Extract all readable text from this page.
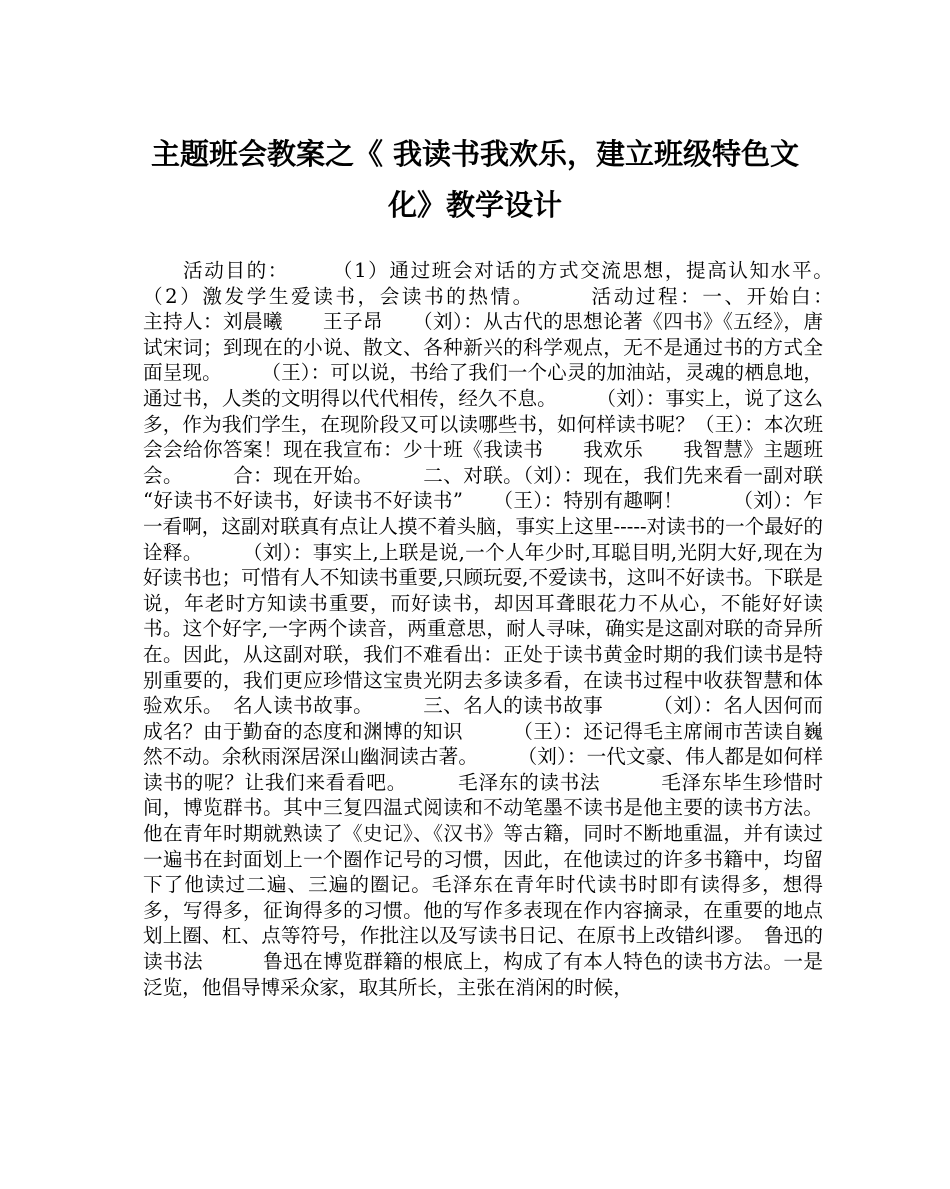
主题班会教案之《 我读书我欢乐，建立班级特色文
化》教学设计

活动目的：　　　（1）通过班会对话的方式交流思想，提高认知水平。　　　（2）激发学生爱读书，会读书的热情。　　　活动过程：一、开始白：　　　　　主持人：刘晨曦　　王子昂　　（刘）：从古代的思想论著《四书》《五经》，唐试宋词；到现在的小说、散文、各种新兴的科学观点，无不是通过书的方式全面呈现。　　　（王）：可以说，书给了我们一个心灵的加油站，灵魂的栖息地，通过书，人类的文明得以代代相传，经久不息。　　　（刘）：事实上，说了这么多，作为我们学生，在现阶段又可以读哪些书，如何样读书呢？（王）：本次班会会给你答案！现在我宣布：少十班《我读书　　我欢乐　　我智慧》主题班会。　　　合：现在开始。　　　二、对联。（刘）：现在，我们先来看一副对联　　　“好读书不好读书，好读书不好读书”　　（王）：特别有趣啊！　　　（刘）：乍一看啊，这副对联真有点让人摸不着头脑，事实上这里-----对读书的一个最好的诠释。　　　（刘）：事实上,上联是说,一个人年少时,耳聪目明,光阴大好,现在为好读书也；可惜有人不知读书重要,只顾玩耍,不爱读书，这叫不好读书。下联是说，年老时方知读书重要，而好读书，却因耳聋眼花力不从心，不能好好读书。这个好字,一字两个读音，两重意思，耐人寻味，确实是这副对联的奇异所在。因此，从这副对联，我们不难看出：正处于读书黄金时期的我们读书是特别重要的，我们更应珍惜这宝贵光阴去多读多看，在读书过程中收获智慧和体验欢乐。　名人读书故事。　　　三、名人的读书故事　　　（刘）：名人因何而成名？由于勤奋的态度和渊博的知识　　　（王）：还记得毛主席闹市苦读自巍然不动。余秋雨深居深山幽洞读古著。　　　（刘）：一代文豪、伟人都是如何样读书的呢？让我们来看看吧。　　　毛泽东的读书法　　　毛泽东毕生珍惜时间，博览群书。其中三复四温式阅读和不动笔墨不读书是他主要的读书方法。他在青年时期就熟读了《史记》、《汉书》等古籍，同时不断地重温，并有读过一遍书在封面划上一个圈作记号的习惯，因此，在他读过的许多书籍中，均留下了他读过二遍、三遍的圈记。毛泽东在青年时代读书时即有读得多，想得多，写得多，征询得多的习惯。他的写作多表现在作内容摘录，在重要的地点划上圈、杠、点等符号，作批注以及写读书日记、在原书上改错纠谬。　鲁迅的读书法　　　鲁迅在博览群籍的根底上，构成了有本人特色的读书方法。一是泛览，他倡导博采众家，取其所长，主张在消闲的时候，
